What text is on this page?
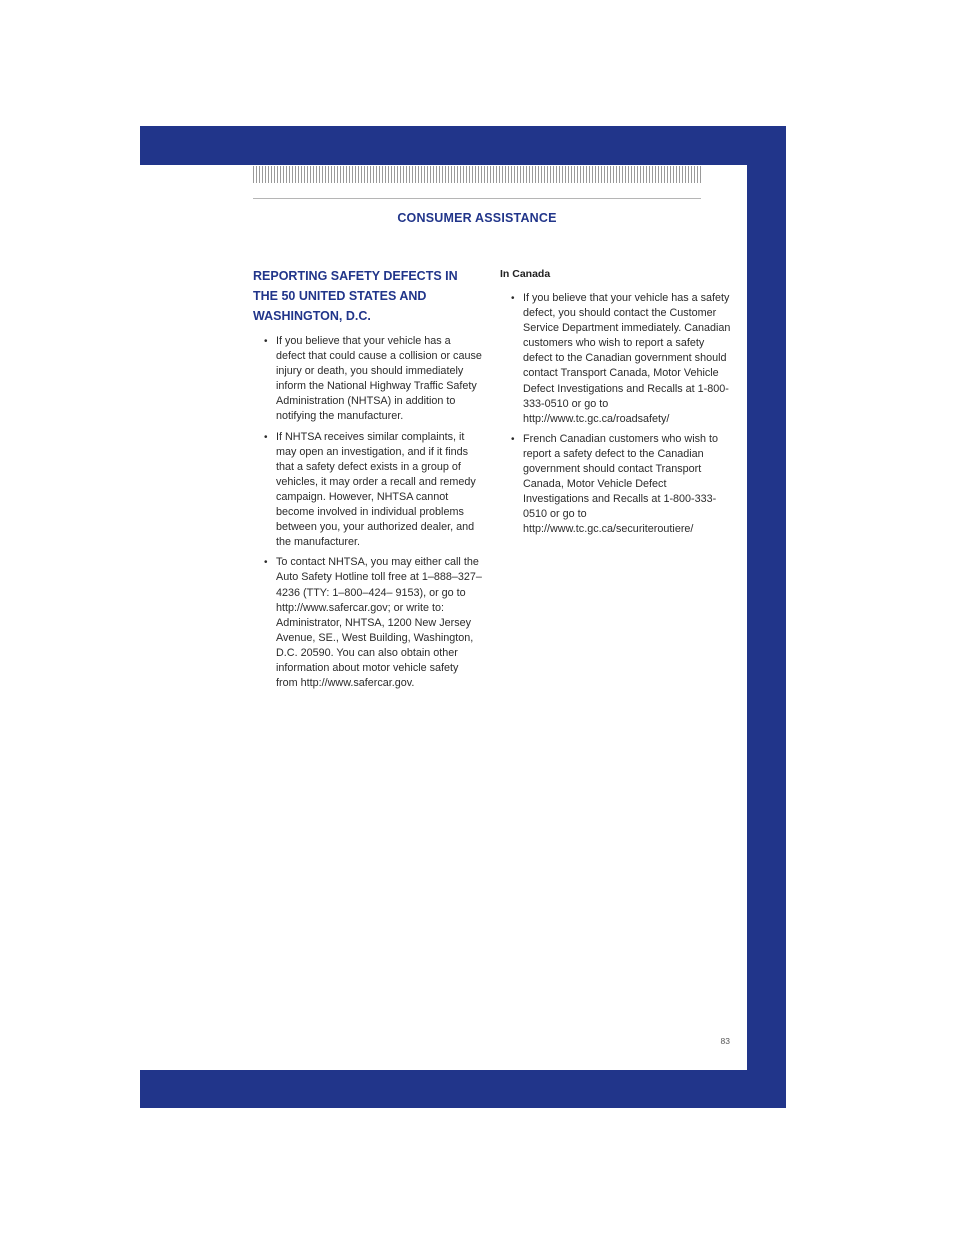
CONSUMER ASSISTANCE
REPORTING SAFETY DEFECTS IN THE 50 UNITED STATES AND WASHINGTON, D.C.
• If you believe that your vehicle has a defect that could cause a collision or cause injury or death, you should immediately inform the National Highway Traffic Safety Administration (NHTSA) in addition to notifying the manufacturer.
• If NHTSA receives similar complaints, it may open an investigation, and if it finds that a safety defect exists in a group of vehicles, it may order a recall and remedy campaign. However, NHTSA cannot become involved in individual problems between you, your authorized dealer, and the manufacturer.
• To contact NHTSA, you may either call the Auto Safety Hotline toll free at 1–888–327–4236 (TTY: 1–800–424– 9153), or go to http://www.safercar.gov; or write to: Administrator, NHTSA, 1200 New Jersey Avenue, SE., West Building, Washington, D.C. 20590. You can also obtain other information about motor vehicle safety from http://www.safercar.gov.
In Canada
• If you believe that your vehicle has a safety defect, you should contact the Customer Service Department immediately. Canadian customers who wish to report a safety defect to the Canadian government should contact Transport Canada, Motor Vehicle Defect Investigations and Recalls at 1-800-333-0510 or go to http://www.tc.gc.ca/roadsafety/
• French Canadian customers who wish to report a safety defect to the Canadian government should contact Transport Canada, Motor Vehicle Defect Investigations and Recalls at 1-800-333-0510 or go to http://www.tc.gc.ca/securiteroutiere/
83
